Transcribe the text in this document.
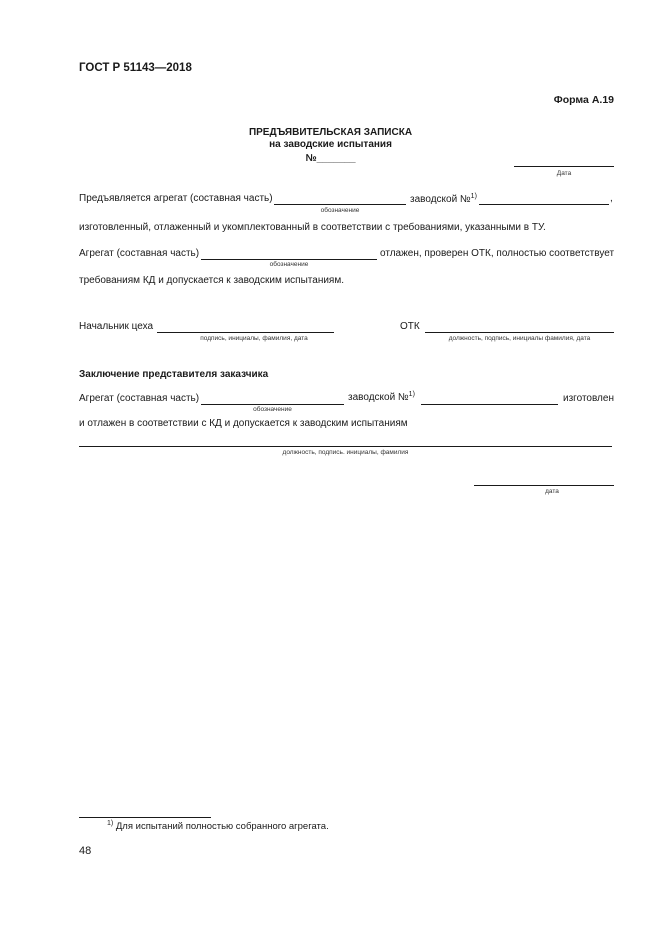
ГОСТ Р 51143—2018
Форма А.19
ПРЕДЪЯВИТЕЛЬСКАЯ ЗАПИСКА
на заводские испытания
№_______
Дата
Предъявляется агрегат (составная часть)	заводской №$^{1)}$	,
обозначение
изготовленный, отлаженный и укомплектованный в соответствии с требованиями, указанными в ТУ.
Агрегат (составная часть)	отлажен, проверен ОТК, полностью соответствует
обозначение
требованиям КД и допускается к заводским испытаниям.
Начальник цеха
подпись, инициалы, фамилия, дата
ОТК
должность, подпись, инициалы фамилия, дата
Заключение представителя заказчика
Агрегат (составная часть)	заводской №$^{1)}$	изготовлен
обозначение
и отлажен в соответствии с КД и допускается к заводским испытаниям
должность, подпись. инициалы, фамилия
дата
$^{1)}$ Для испытаний полностью собранного агрегата.
48
